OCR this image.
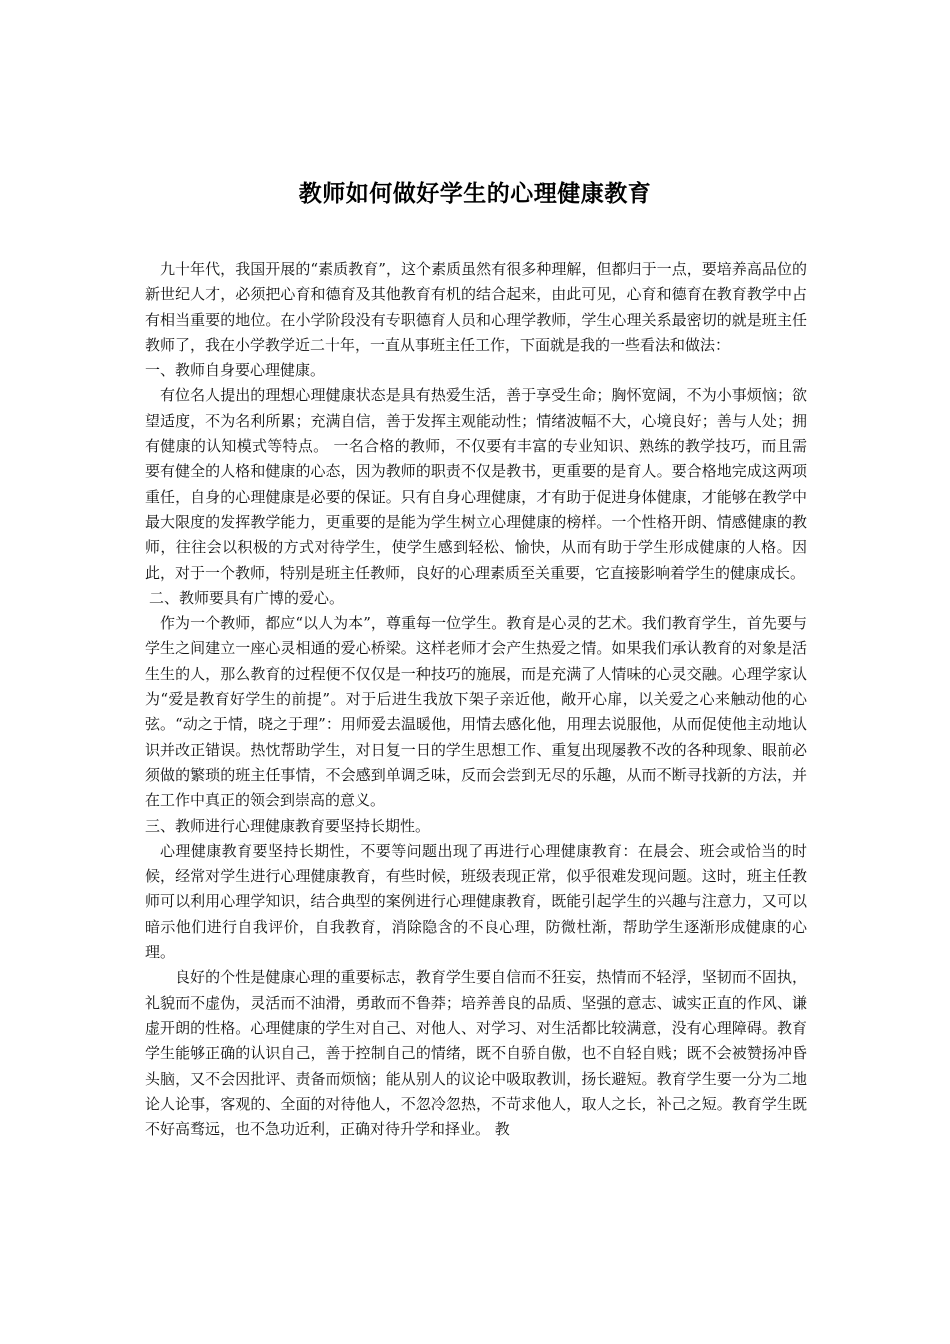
教师如何做好学生的心理健康教育

九十年代，我国开展的“素质教育”，这个素质虽然有很多种理解，但都归于一点，要培养高品位的新世纪人才，必须把心育和德育及其他教育有机的结合起来，由此可见，心育和德育在教育教学中占有相当重要的地位。在小学阶段没有专职德育人员和心理学教师，学生心理关系最密切的就是班主任教师了，我在小学教学近二十年，一直从事班主任工作，下面就是我的一些看法和做法：

一、教师自身要心理健康。

有位名人提出的理想心理健康状态是具有热爱生活，善于享受生命；胸怀宽阔，不为小事烦恼；欲望适度，不为名利所累；充满自信，善于发挥主观能动性；情绪波幅不大，心境良好；善与人处；拥有健康的认知模式等特点。 一名合格的教师，不仅要有丰富的专业知识、熟练的教学技巧，而且需要有健全的人格和健康的心态，因为教师的职责不仅是教书，更重要的是育人。要合格地完成这两项重任，自身的心理健康是必要的保证。只有自身心理健康，才有助于促进身体健康，才能够在教学中最大限度的发挥教学能力，更重要的是能为学生树立心理健康的榜样。一个性格开朗、情感健康的教师，往往会以积极的方式对待学生，使学生感到轻松、愉快，从而有助于学生形成健康的人格。因此，对于一个教师，特别是班主任教师，良好的心理素质至关重要，它直接影响着学生的健康成长。

二、教师要具有广博的爱心。

作为一个教师，都应“以人为本”，尊重每一位学生。教育是心灵的艺术。我们教育学生，首先要与学生之间建立一座心灵相通的爱心桥梁。这样老师才会产生热爱之情。如果我们承认教育的对象是活生生的人，那么教育的过程便不仅仅是一种技巧的施展，而是充满了人情味的心灵交融。心理学家认为“爱是教育好学生的前提”。对于后进生我放下架子亲近他，敞开心扉，以关爱之心来触动他的心弦。“动之于情，晓之于理”：用师爱去温暖他，用情去感化他，用理去说服他，从而促使他主动地认识并改正错误。热忱帮助学生，对日复一日的学生思想工作、重复出现屡教不改的各种现象、眼前必须做的繁琐的班主任事情，不会感到单调乏味，反而会尝到无尽的乐趣，从而不断寻找新的方法，并在工作中真正的领会到崇高的意义。

三、教师进行心理健康教育要坚持长期性。

心理健康教育要坚持长期性，不要等问题出现了再进行心理健康教育：在晨会、班会或恰当的时候，经常对学生进行心理健康教育，有些时候，班级表现正常，似乎很难发现问题。这时，班主任教师可以利用心理学知识，结合典型的案例进行心理健康教育，既能引起学生的兴趣与注意力，又可以暗示他们进行自我评价，自我教育，消除隐含的不良心理，防微杜渐，帮助学生逐渐形成健康的心理。

良好的个性是健康心理的重要标志，教育学生要自信而不狂妄，热情而不轻浮，坚韧而不固执，礼貌而不虚伪，灵活而不油滑，勇敢而不鲁莽；培养善良的品质、坚强的意志、诚实正直的作风、谦虚开朗的性格。心理健康的学生对自己、对他人、对学习、对生活都比较满意，没有心理障碍。教育学生能够正确的认识自己，善于控制自己的情绪，既不自骄自傲，也不自轻自贱；既不会被赞扬冲昏头脑，又不会因批评、责备而烦恼；能从别人的议论中吸取教训，扬长避短。教育学生要一分为二地论人论事，客观的、全面的对待他人，不忽冷忽热，不苛求他人，取人之长，补己之短。教育学生既不好高骛远，也不急功近利，正确对待升学和择业。 教
